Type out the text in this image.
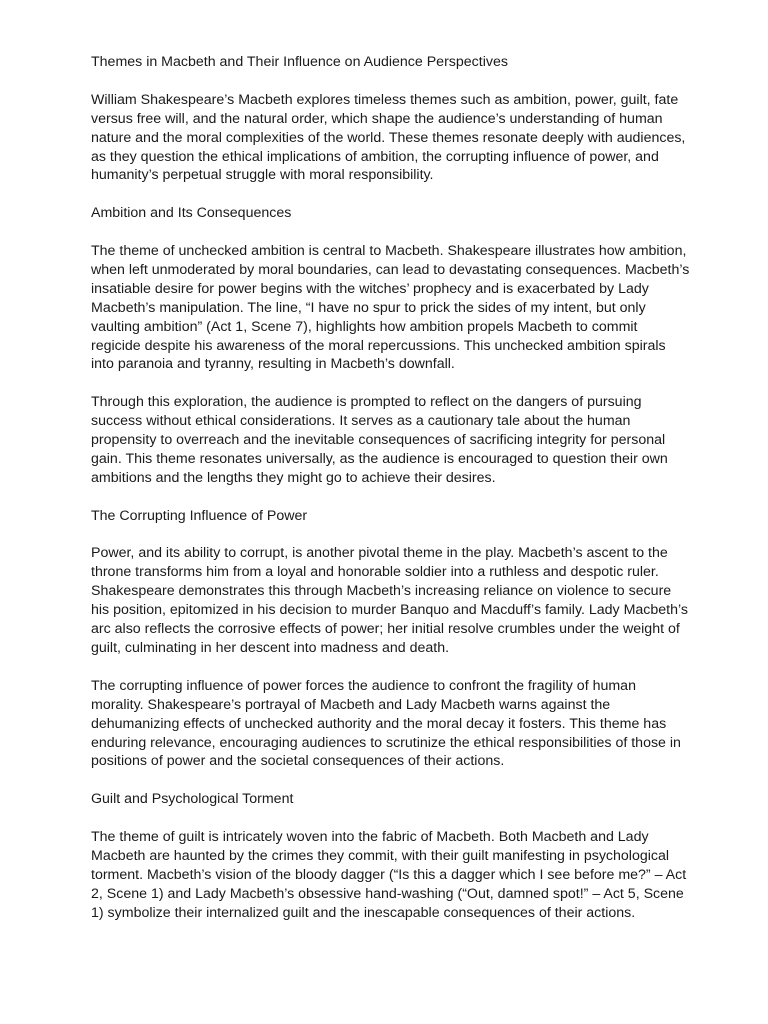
Themes in Macbeth and Their Influence on Audience Perspectives

William Shakespeare’s Macbeth explores timeless themes such as ambition, power, guilt, fate versus free will, and the natural order, which shape the audience’s understanding of human nature and the moral complexities of the world. These themes resonate deeply with audiences, as they question the ethical implications of ambition, the corrupting influence of power, and humanity’s perpetual struggle with moral responsibility.

Ambition and Its Consequences

The theme of unchecked ambition is central to Macbeth. Shakespeare illustrates how ambition, when left unmoderated by moral boundaries, can lead to devastating consequences. Macbeth’s insatiable desire for power begins with the witches’ prophecy and is exacerbated by Lady Macbeth’s manipulation. The line, “I have no spur to prick the sides of my intent, but only vaulting ambition” (Act 1, Scene 7), highlights how ambition propels Macbeth to commit regicide despite his awareness of the moral repercussions. This unchecked ambition spirals into paranoia and tyranny, resulting in Macbeth’s downfall.

Through this exploration, the audience is prompted to reflect on the dangers of pursuing success without ethical considerations. It serves as a cautionary tale about the human propensity to overreach and the inevitable consequences of sacrificing integrity for personal gain. This theme resonates universally, as the audience is encouraged to question their own ambitions and the lengths they might go to achieve their desires.

The Corrupting Influence of Power

Power, and its ability to corrupt, is another pivotal theme in the play. Macbeth’s ascent to the throne transforms him from a loyal and honorable soldier into a ruthless and despotic ruler. Shakespeare demonstrates this through Macbeth’s increasing reliance on violence to secure his position, epitomized in his decision to murder Banquo and Macduff’s family. Lady Macbeth’s arc also reflects the corrosive effects of power; her initial resolve crumbles under the weight of guilt, culminating in her descent into madness and death.

The corrupting influence of power forces the audience to confront the fragility of human morality. Shakespeare’s portrayal of Macbeth and Lady Macbeth warns against the dehumanizing effects of unchecked authority and the moral decay it fosters. This theme has enduring relevance, encouraging audiences to scrutinize the ethical responsibilities of those in positions of power and the societal consequences of their actions.

Guilt and Psychological Torment

The theme of guilt is intricately woven into the fabric of Macbeth. Both Macbeth and Lady Macbeth are haunted by the crimes they commit, with their guilt manifesting in psychological torment. Macbeth’s vision of the bloody dagger (“Is this a dagger which I see before me?” – Act 2, Scene 1) and Lady Macbeth’s obsessive hand-washing (“Out, damned spot!” – Act 5, Scene 1) symbolize their internalized guilt and the inescapable consequences of their actions.
